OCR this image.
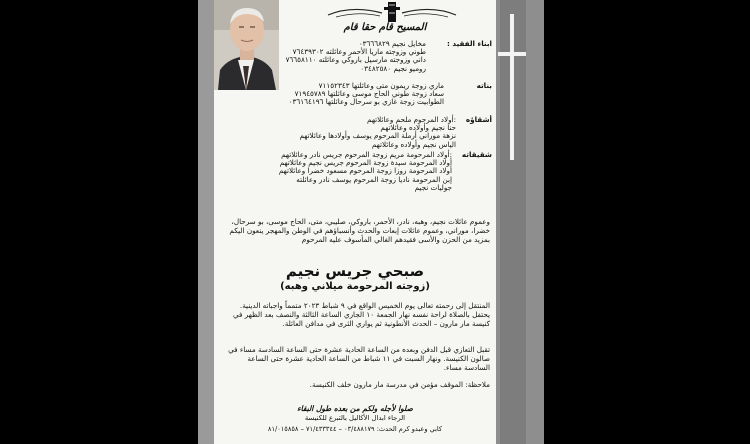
المسيح قام حقا قام
ابناء الفقيد :
مخايل نجيم ٠٣٦٦٦٨٢٩
طوني وزوجته ماريا الأحمر وعائلته ٧٦٤٣٩٣٠٢
داني وزوجته مارسيل باروكي وعائلته ٧٦٦٥٨١١٠
روميو نجيم ٠٣٤٨٢٥٨٠
بناته
ماري زوجة ريمون متى وعائلتها ٧١١٥٢٣٤٣
سعاد زوجة طوني الحاج موسى وعائلتها ٧١٩٤٥٧٨٩
الطوابيت زوجة غازي بو سرحال وعائلتها ٠٣٦١٦٤١٩٦
أشقاؤه
:أولاد المرحوم ملحم وعائلاتهم
حنا نجيم وأولاده وعائلاتهم
نزهة موراني أرملة المرحوم يوسف وأولادها وعائلاتهم
الياس نجيم وأولاده وعائلاتهم
شقيقاته
:أولاد المرحومة مريم زوجة المرحوم جريس نادر وعائلاتهم
أولاد المرحومة سيدة زوجة المرحوم جريس نجيم وعائلاتهم
أولاد المرحومة روزا زوجة المرحوم مسعود خضرا وعائلاتهم
إبن المرحومة ناديا زوجة المرحوم يوسف نادر وعائلته
جوليات نجيم
وعموم عائلات نجيم، وهبه، نادر، الأحمر، باروكي، صليبي، متى، الحاج موسى، بو سرحال، خضرا، موراني، وعموم عائلات إبعات والحدث وأنسباؤهم في الوطن والمهجر ينعون اليكم بمزيد من الحزن والأسى فقيدهم الغالي المأسوف عليه المرحوم
صبحي جريس نجيم
(زوجته المرحومة ميلاني وهبه)
المنتقل إلى رحمته تعالى يوم الخميس الواقع في ٩ شباط ٢٠٢٣ متمماً واجباته الدينية. يحتفل بالصلاة لراحة نفسه نهار الجمعة ١٠ الجاري الساعة الثالثة والنصف بعد الظهر في كنيسة مار مارون – الحدث الأنطونية ثم يواري الثرى في مدافن العائلة.
تقبل التعازي قبل الدفن وبعده من الساعة الحادية عشرة حتى الساعة السادسة مساء في صالون الكنيسة. ونهار السبت في ١١ شباط من الساعة الحادية عشرة حتى الساعة السادسة مساء.
ملاحظة: الموقف مؤمن في مدرسة مار مارون خلف الكنيسة.
صلوا لأجله ولكم من بعده طول البقاء
الرجاء ابدال الأكاليل بالتبرع للكنيسة
كابي وعبدو كرم الحدث: ٠٣/٤٨٨١٧٩ – ٧١/٤٣٣٣٤٤ – ٨١/٠١٥٨٥٨
